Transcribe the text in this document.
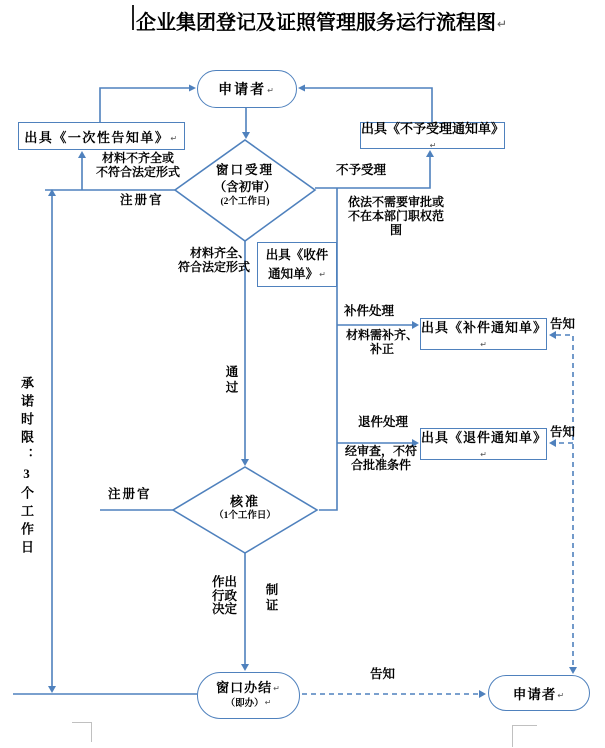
企业集团登记及证照管理服务运行流程图↵
申请者↵
出具《一次性告知单》↵
出具《不予受理通知单》↵
窗口受理
（含初审）
(2个工作日)
出具《收件
通知单》↵
出具《补件通知单》↵
出具《退件通知单》↵
核准
（1个工作日）
窗口办结↵
（即办）↵
申请者↵
材料不齐全或
不符合法定形式
注册官
不予受理
依法不需要审批或
不在本部门职权范围
材料齐全、
符合法定形式
补件处理
材料需补齐、
补正
告知
通过
退件处理
经审查，不符
合批准条件
告知
注册官
作出行政决定 制证
告知
承诺时限：3个工作日
